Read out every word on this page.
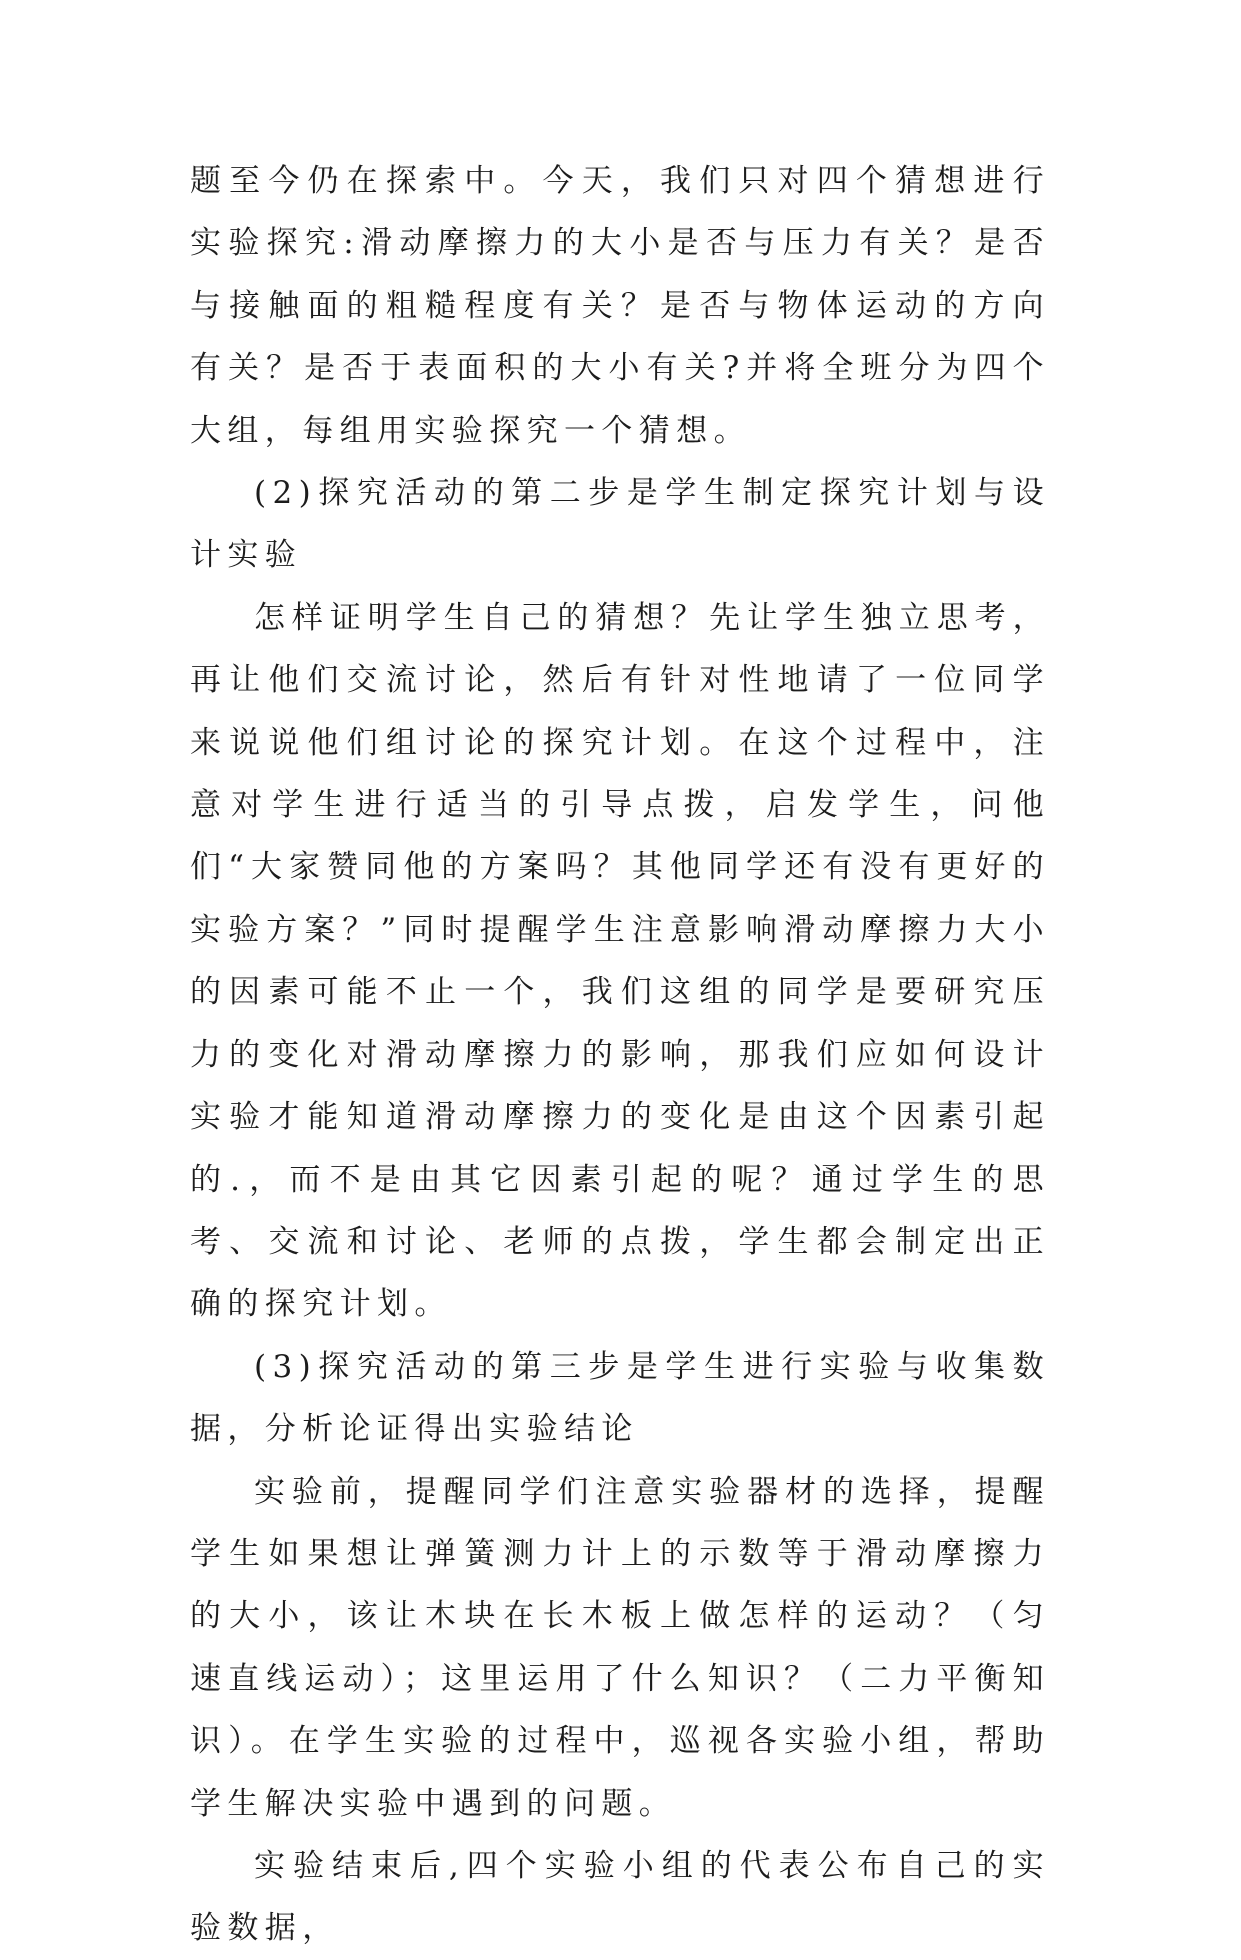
题至今仍在探索中。今天，我们只对四个猜想进行实验探究:滑动摩擦力的大小是否与压力有关？是否与接触面的粗糙程度有关？是否与物体运动的方向有关？是否于表面积的大小有关?并将全班分为四个大组，每组用实验探究一个猜想。

(2)探究活动的第二步是学生制定探究计划与设计实验

怎样证明学生自己的猜想？先让学生独立思考，再让他们交流讨论，然后有针对性地请了一位同学来说说他们组讨论的探究计划。在这个过程中，注意对学生进行适当的引导点拨，启发学生，问他们“大家赞同他的方案吗？其他同学还有没有更好的实验方案？”同时提醒学生注意影响滑动摩擦力大小的因素可能不止一个，我们这组的同学是要研究压力的变化对滑动摩擦力的影响，那我们应如何设计实验才能知道滑动摩擦力的变化是由这个因素引起的.，而不是由其它因素引起的呢？通过学生的思考、交流和讨论、老师的点拨，学生都会制定出正确的探究计划。

(3)探究活动的第三步是学生进行实验与收集数据，分析论证得出实验结论

实验前，提醒同学们注意实验器材的选择，提醒学生如果想让弹簧测力计上的示数等于滑动摩擦力的大小，该让木块在长木板上做怎样的运动？（匀速直线运动）；这里运用了什么知识？（二力平衡知识）。在学生实验的过程中，巡视各实验小组，帮助学生解决实验中遇到的问题。

实验结束后,四个实验小组的代表公布自己的实验数据，
